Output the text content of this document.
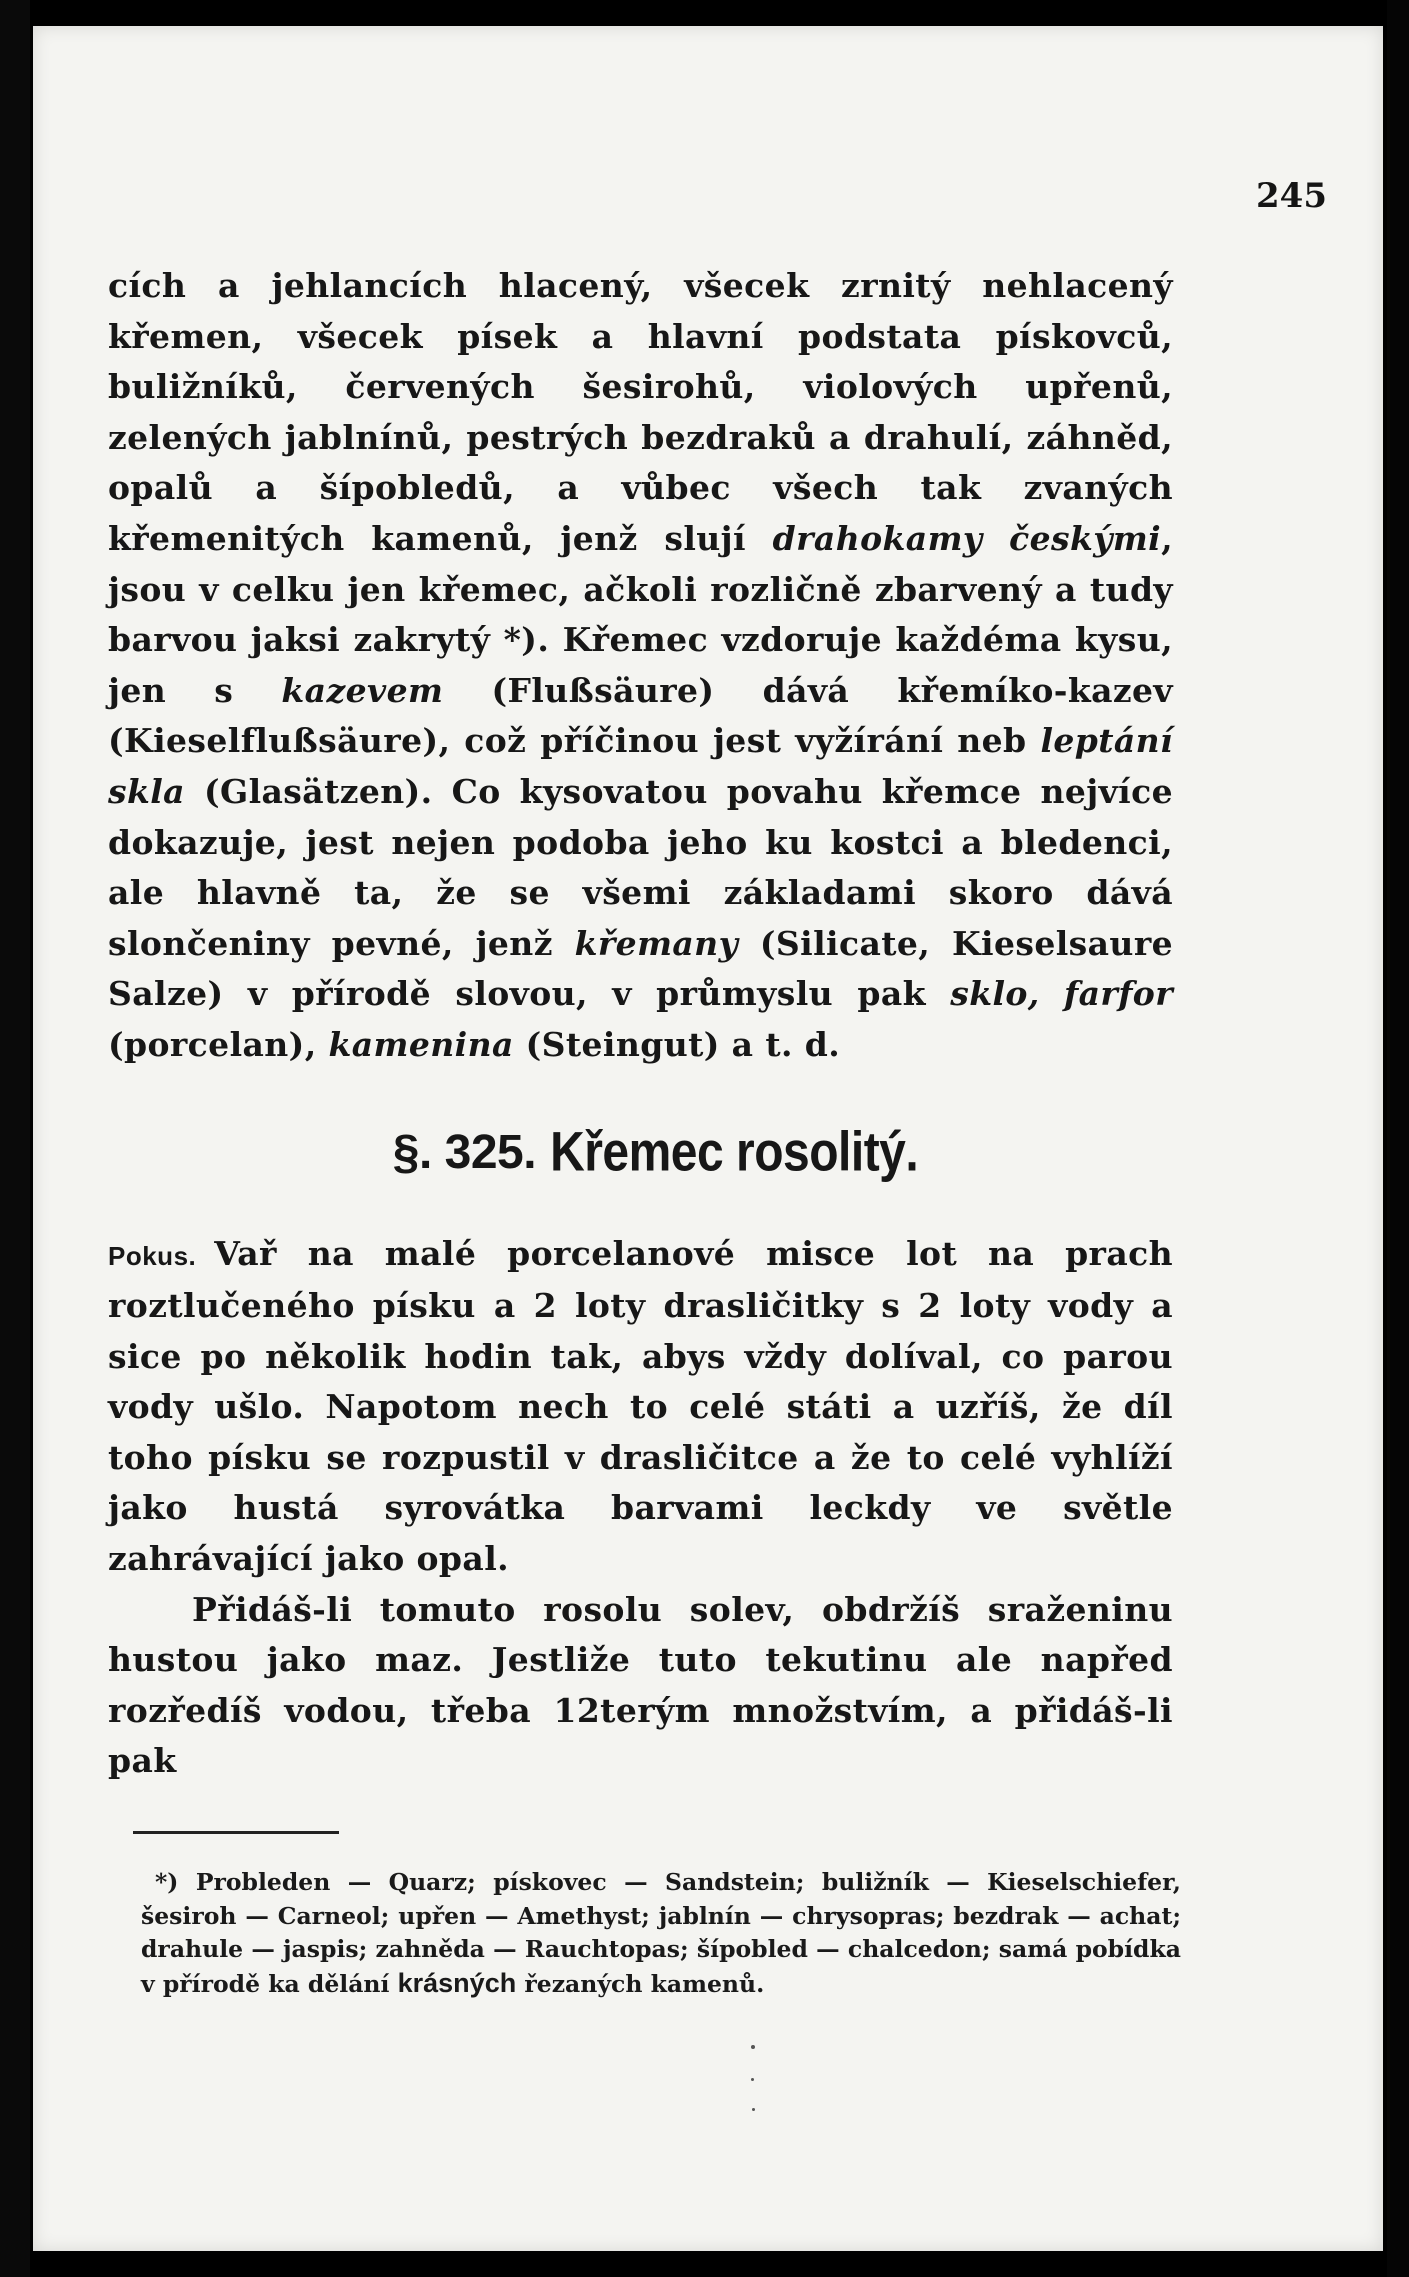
245

cích a jehlancích hlacený, všecek zrnitý nehlacený křemen, všecek písek a hlavní podstata pískovců, buližníků, červených šesirohů, violových upřenů, zelených jablnínů, pestrých bezdraků a drahulí, záhněd, opalů a šípobledů, a vůbec všech tak zvaných křemenitých kamenů, jenž slují drahokamy českými, jsou v celku jen křemec, ačkoli rozličně zbarvený a tudy barvou jaksi zakrytý *). Křemec vzdoruje každéma kysu, jen s kazevem (Flußsäure) dává křemíko-kazev (Kieselflußsäure), což příčinou jest vyžírání neb leptání skla (Glasätzen). Co kysovatou povahu křemce nejvíce dokazuje, jest nejen podoba jeho ku kostci a bledenci, ale hlavně ta, že se všemi základami skoro dává slončeniny pevné, jenž křemany (Silicate, Kieselsaure Salze) v přírodě slovou, v průmyslu pak sklo, farfor (porcelan), kamenina (Steingut) a t. d.

§. 325. Křemec rosolitý.

Pokus. Vař na malé porcelanové misce lot na prach roztlučeného písku a 2 loty drasličitky s 2 loty vody a sice po několik hodin tak, abys vždy dolíval, co parou vody ušlo. Napotom nech to celé státi a uzříš, že díl toho písku se rozpustil v drasličitce a že to celé vyhlíží jako hustá syrovátka barvami leckdy ve světle zahrávající jako opal.

Přidáš-li tomuto rosolu solev, obdržíš sraženinu hustou jako maz. Jestliže tuto tekutinu ale napřed rozředíš vodou, třeba 12terým množstvím, a přidáš-li pak

*) Probleden — Quarz; pískovec — Sandstein; buližník — Kieselschiefer, šesiroh — Carneol; upřen — Amethyst; jablnín — chrysopras; bezdrak — achat; drahule — jaspis; zahněda — Rauchtopas; šípobled — chalcedon; samá pobídka v přírodě ka dělání krásných řezaných kamenů.
